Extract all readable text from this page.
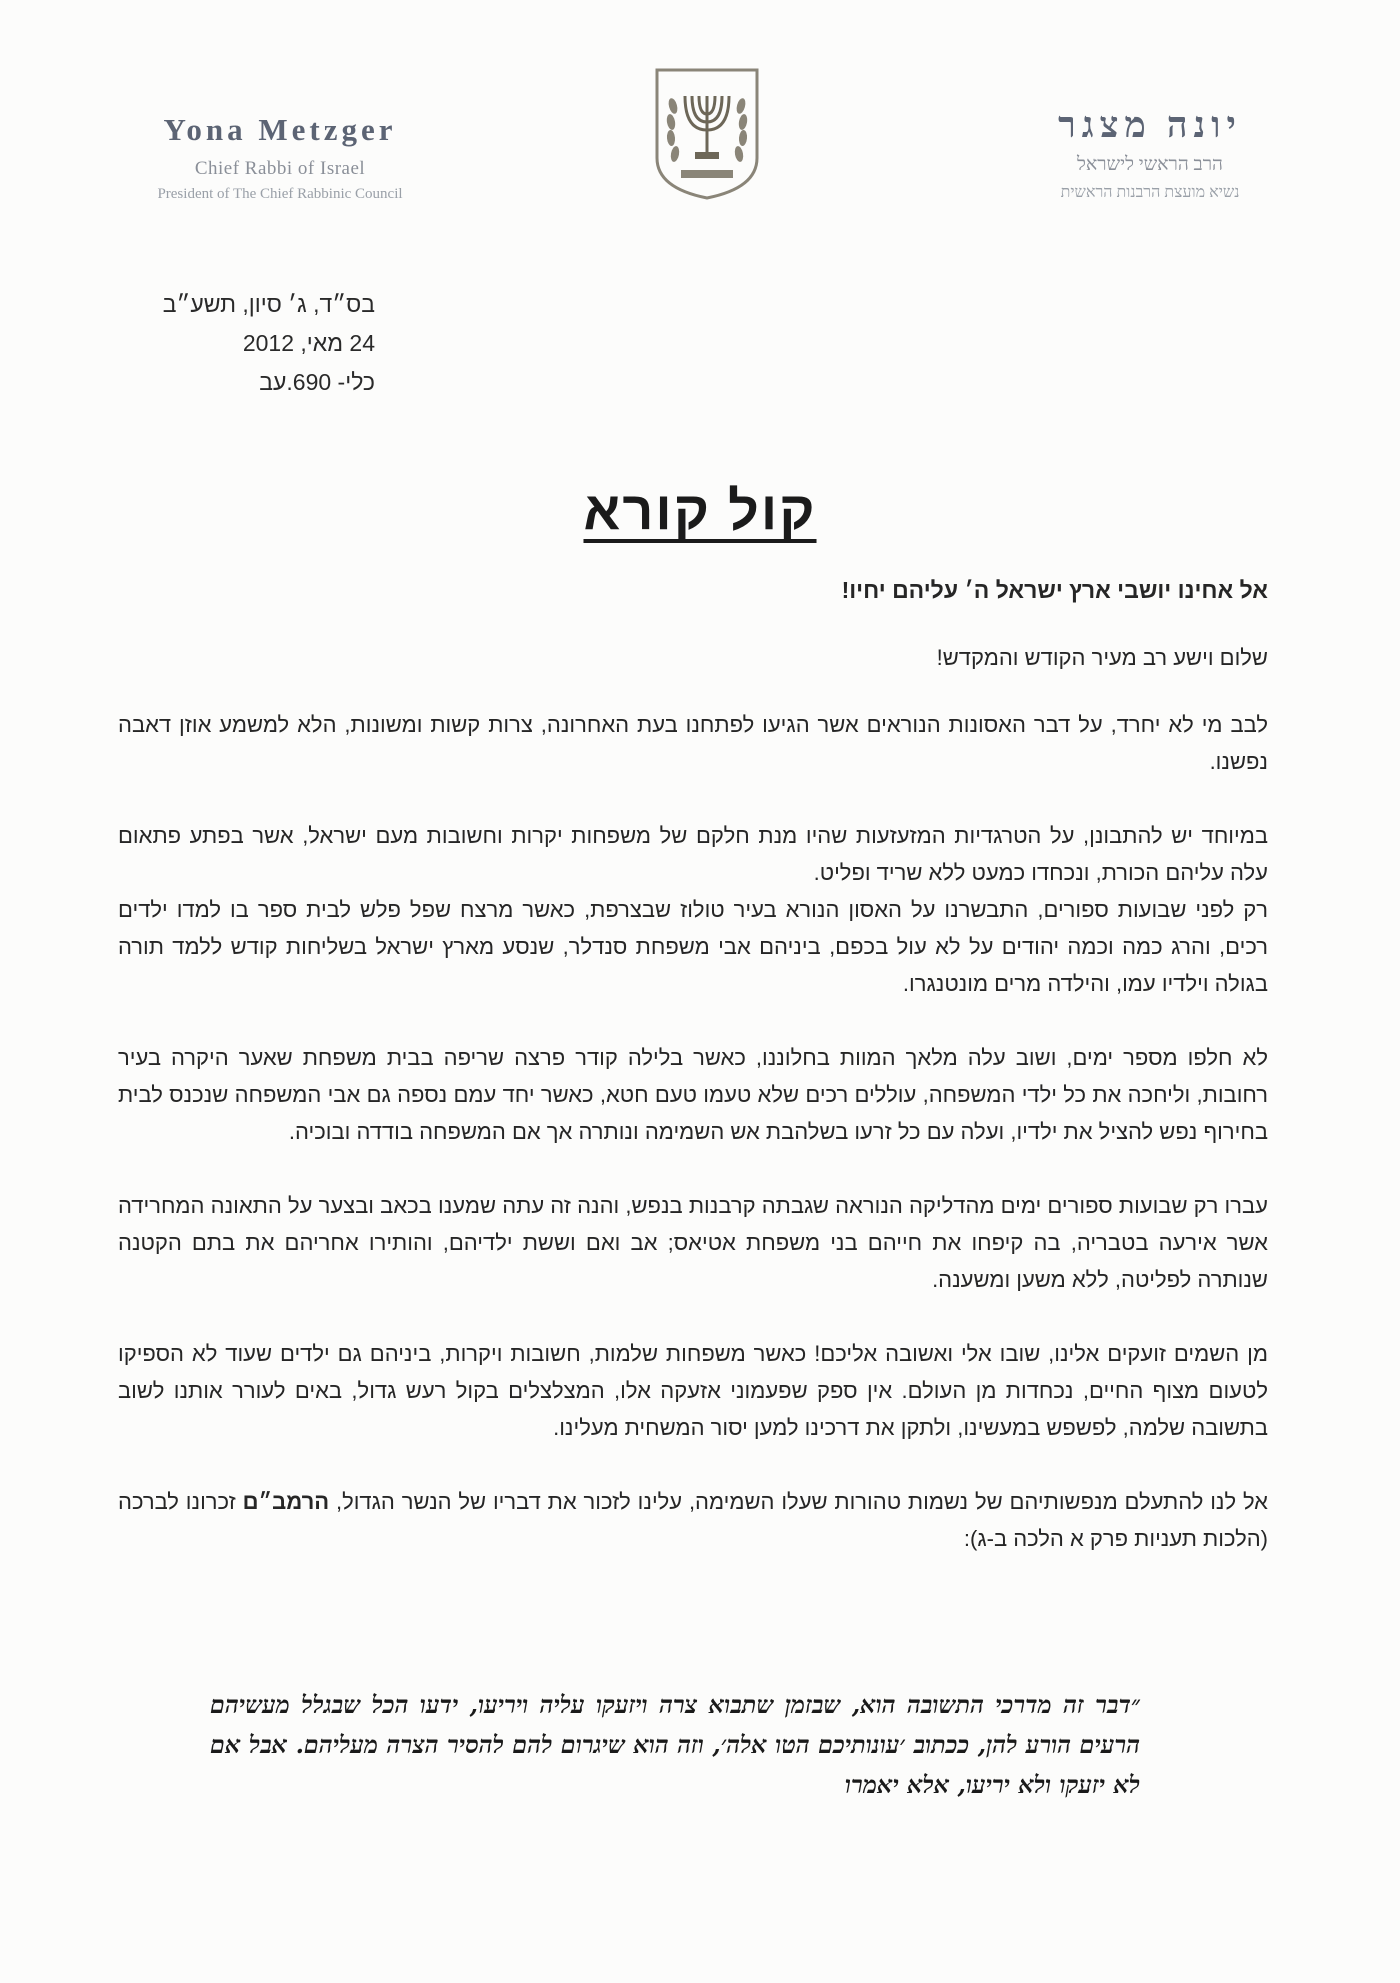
Yona Metzger
Chief Rabbi of Israel
President of The Chief Rabbinic Council
יונה מצגר
הרב הראשי לישראל
נשיא מועצת הרבנות הראשית
בס״ד, ג׳ סיון, תשע״ב
24 מאי, 2012
כלי- 690.עב
קול קורא

אל אחינו יושבי ארץ ישראל ה׳ עליהם יחיו!

שלום וישע רב מעיר הקודש והמקדש!

לבב מי לא יחרד, על דבר האסונות הנוראים אשר הגיעו לפתחנו בעת האחרונה, צרות קשות ומשונות, הלא למשמע אוזן דאבה נפשנו.

במיוחד יש להתבונן, על הטרגדיות המזעזעות שהיו מנת חלקם של משפחות יקרות וחשובות מעם ישראל, אשר בפתע פתאום עלה עליהם הכורת, ונכחדו כמעט ללא שריד ופליט.

רק לפני שבועות ספורים, התבשרנו על האסון הנורא בעיר טולוז שבצרפת, כאשר מרצח שפל פלש לבית ספר בו למדו ילדים רכים, והרג כמה וכמה יהודים על לא עול בכפם, ביניהם אבי משפחת סנדלר, שנסע מארץ ישראל בשליחות קודש ללמד תורה בגולה וילדיו עמו, והילדה מרים מונטנגרו.

לא חלפו מספר ימים, ושוב עלה מלאך המוות בחלוננו, כאשר בלילה קודר פרצה שריפה בבית משפחת שאער היקרה בעיר רחובות, וליחכה את כל ילדי המשפחה, עוללים רכים שלא טעמו טעם חטא, כאשר יחד עמם נספה גם אבי המשפחה שנכנס לבית בחירוף נפש להציל את ילדיו, ועלה עם כל זרעו בשלהבת אש השמימה ונותרה אך אם המשפחה בודדה ובוכיה.

עברו רק שבועות ספורים ימים מהדליקה הנוראה שגבתה קרבנות בנפש, והנה זה עתה שמענו בכאב ובצער על התאונה המחרידה אשר אירעה בטבריה, בה קיפחו את חייהם בני משפחת אטיאס; אב ואם וששת ילדיהם, והותירו אחריהם את בתם הקטנה שנותרה לפליטה, ללא משען ומשענה.

מן השמים זועקים אלינו, שובו אלי ואשובה אליכם! כאשר משפחות שלמות, חשובות ויקרות, ביניהם גם ילדים שעוד לא הספיקו לטעום מצוף החיים, נכחדות מן העולם. אין ספק שפעמוני אזעקה אלו, המצלצלים בקול רעש גדול, באים לעורר אותנו לשוב בתשובה שלמה, לפשפש במעשינו, ולתקן את דרכינו למען יסור המשחית מעלינו.

אל לנו להתעלם מנפשותיהם של נשמות טהורות שעלו השמימה, עלינו לזכור את דבריו של הנשר הגדול, הרמב״ם זכרונו לברכה (הלכות תעניות פרק א הלכה ב-ג):

״דבר זה מדרכי התשובה הוא, שבזמן שתבוא צרה ויזעקו עליה ויריעו, ידעו הכל שבגלל מעשיהם הרעים הורע להן, ככתוב ׳עונותיכם הטו אלה׳, וזה הוא שיגרום להם להסיר הצרה מעליהם. אבל אם לא יזעקו ולא יריעו, אלא יאמרו
